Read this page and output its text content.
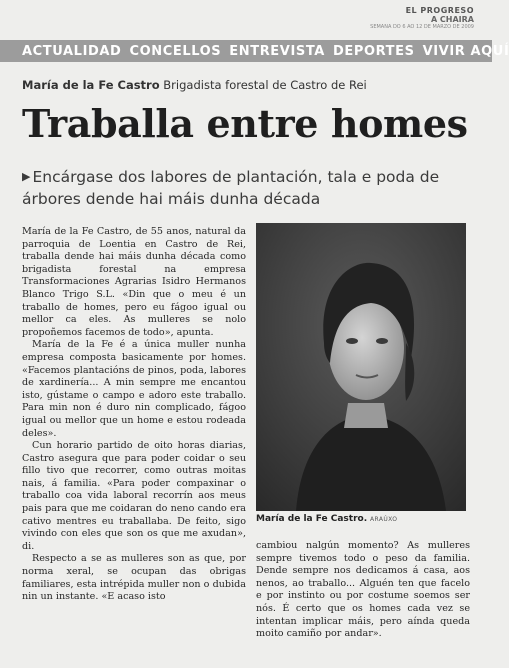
EL PROGRESO
A CHAIRA
SEMANA DO 6 AO 12 DE MARZO DE 2009
ACTUALIDAD CONCELLOS ENTREVISTA DEPORTES VIVIR AQUÍ
María de la Fe Castro Brigadista forestal de Castro de Rei
Traballa entre homes
▶ Encárgase dos labores de plantación, tala e poda de árbores dende hai máis dunha década

María de la Fe Castro, de 55 anos, natural da parroquia de Loentia en Castro de Rei, traballa dende hai máis dunha década como brigadista forestal na empresa Transformaciones Agrarias Isidro Hermanos Blanco Trigo S.L. «Din que o meu é un traballo de homes, pero eu fágoo igual ou mellor ca eles. As mulleres se nolo propoñemos facemos de todo», apunta.

María de la Fe é a única muller nunha empresa composta basicamente por homes. «Facemos plantacións de pinos, poda, labores de xardinería... A min sempre me encantou isto, gústame o campo e adoro este traballo. Para min non é duro nin complicado, fágoo igual ou mellor que un home e estou rodeada deles».

Cun horario partido de oito horas diarias, Castro asegura que para poder coidar o seu fillo tivo que recorrer, como outras moitas nais, á familia. «Para poder compaxinar o traballo coa vida laboral recorrín aos meus pais para que me coidaran do neno cando era cativo mentres eu traballaba. De feito, sigo vivindo con eles que son os que me axudan», di.

Respecto a se as mulleres son as que, por norma xeral, se ocupan das obrigas familiares, esta intrépida muller non o dubida nin un instante. «E acaso isto

María de la Fe Castro. ARAÚXO

cambiou nalgún momento? As mulleres sempre tivemos todo o peso da familia. Dende sempre nos dedicamos á casa, aos nenos, ao traballo... Alguén ten que facelo e por instinto ou por costume soemos ser nós. É certo que os homes cada vez se intentan implicar máis, pero aínda queda moito camiño por andar».
